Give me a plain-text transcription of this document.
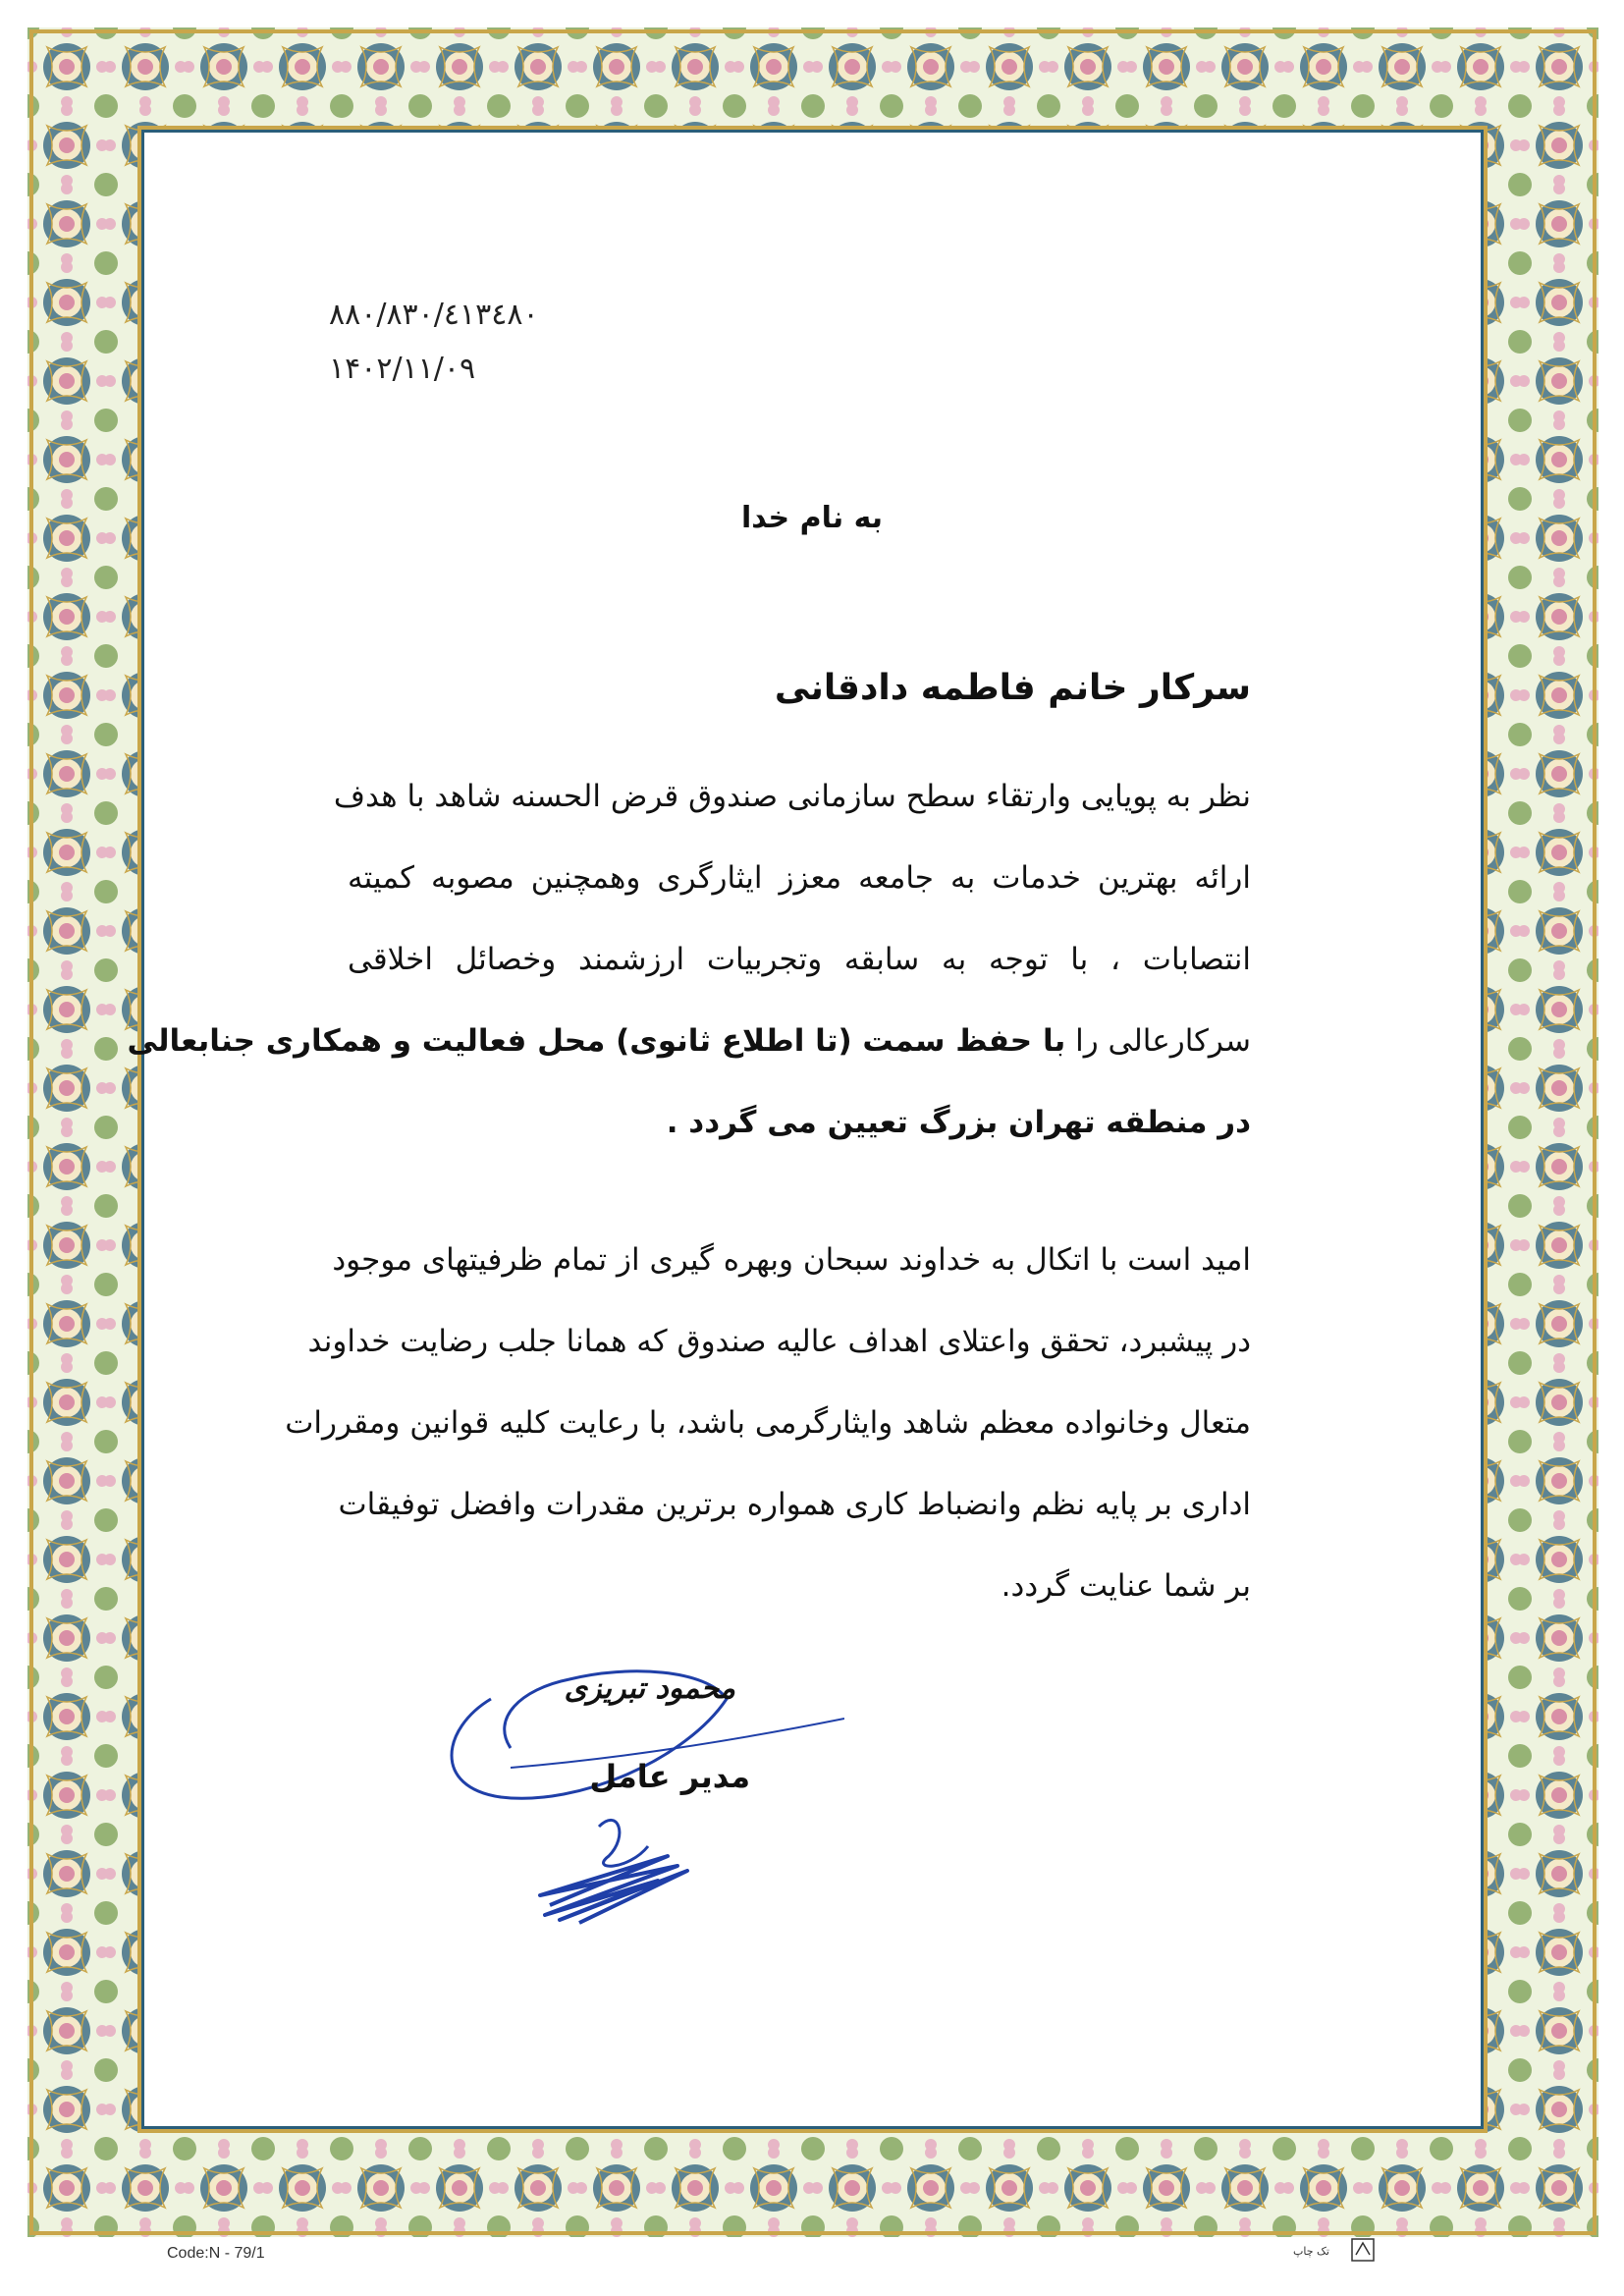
۸۸۰/۸۳۰/٤١٣٤٨٠
۱۴۰۲/۱۱/۰۹
به نام خدا
سرکار خانم فاطمه دادقانی
نظر به پویایی وارتقاء سطح سازمانی صندوق قرض الحسنه شاهد با هدف
ارائه بهترین خدمات به جامعه معزز ایثارگری وهمچنین مصوبه کمیته
انتصابات ، با توجه به سابقه وتجربیات ارزشمند وخصائل اخلاقی
سرکارعالی را با حفظ سمت (تا اطلاع ثانوی) محل فعالیت و همکاری جنابعالی
در منطقه تهران بزرگ تعیین می گردد .
امید است با اتکال به خداوند سبحان وبهره گیری از تمام ظرفیتهای موجود
در پیشبرد، تحقق واعتلای اهداف عالیه صندوق که همانا جلب رضایت خداوند
متعال وخانواده معظم شاهد وایثارگرمی باشد، با رعایت کلیه قوانین ومقررات
اداری بر پایه نظم وانضباط کاری همواره برترین مقدرات وافضل توفیقات
بر شما عنایت گردد.
محمود تبریزی
مدیر عامل
Code:N - 79/1	تک چاپ
